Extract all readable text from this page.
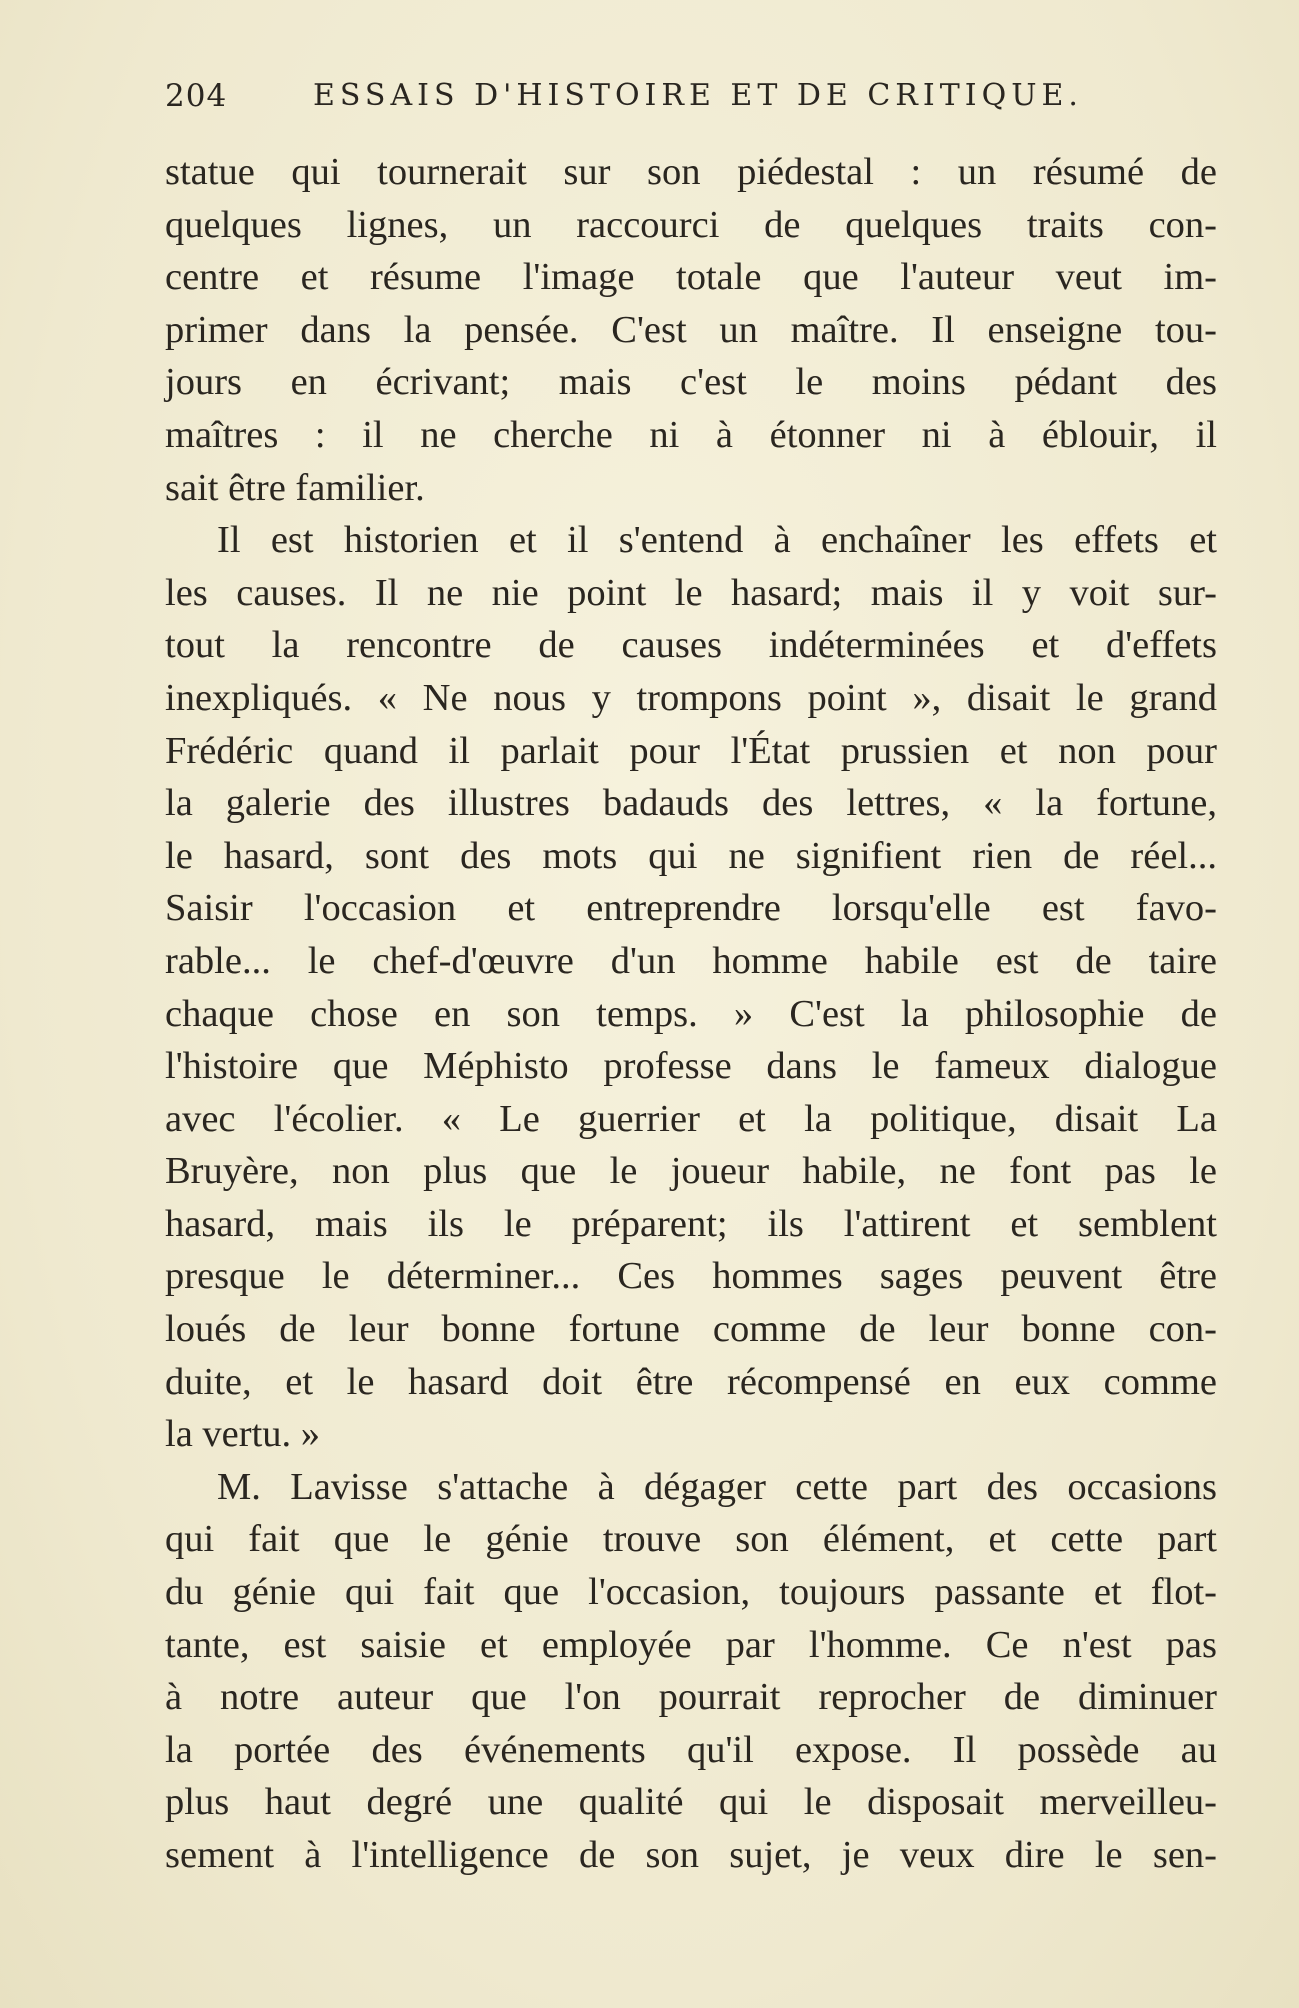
204	ESSAIS D'HISTOIRE ET DE CRITIQUE.
statue qui tournerait sur son piédestal : un résumé de
quelques lignes, un raccourci de quelques traits con-
centre et résume l'image totale que l'auteur veut im-
primer dans la pensée. C'est un maître. Il enseigne tou-
jours en écrivant; mais c'est le moins pédant des
maîtres : il ne cherche ni à étonner ni à éblouir, il
sait être familier.
Il est historien et il s'entend à enchaîner les effets et
les causes. Il ne nie point le hasard; mais il y voit sur-
tout la rencontre de causes indéterminées et d'effets
inexpliqués. « Ne nous y trompons point », disait le grand
Frédéric quand il parlait pour l'État prussien et non pour
la galerie des illustres badauds des lettres, « la fortune,
le hasard, sont des mots qui ne signifient rien de réel...
Saisir l'occasion et entreprendre lorsqu'elle est favo-
rable... le chef-d'œuvre d'un homme habile est de taire
chaque chose en son temps. » C'est la philosophie de
l'histoire que Méphisto professe dans le fameux dialogue
avec l'écolier. « Le guerrier et la politique, disait La
Bruyère, non plus que le joueur habile, ne font pas le
hasard, mais ils le préparent; ils l'attirent et semblent
presque le déterminer... Ces hommes sages peuvent être
loués de leur bonne fortune comme de leur bonne con-
duite, et le hasard doit être récompensé en eux comme
la vertu. »
M. Lavisse s'attache à dégager cette part des occasions
qui fait que le génie trouve son élément, et cette part
du génie qui fait que l'occasion, toujours passante et flot-
tante, est saisie et employée par l'homme. Ce n'est pas
à notre auteur que l'on pourrait reprocher de diminuer
la portée des événements qu'il expose. Il possède au
plus haut degré une qualité qui le disposait merveilleu-
sement à l'intelligence de son sujet, je veux dire le sen-
